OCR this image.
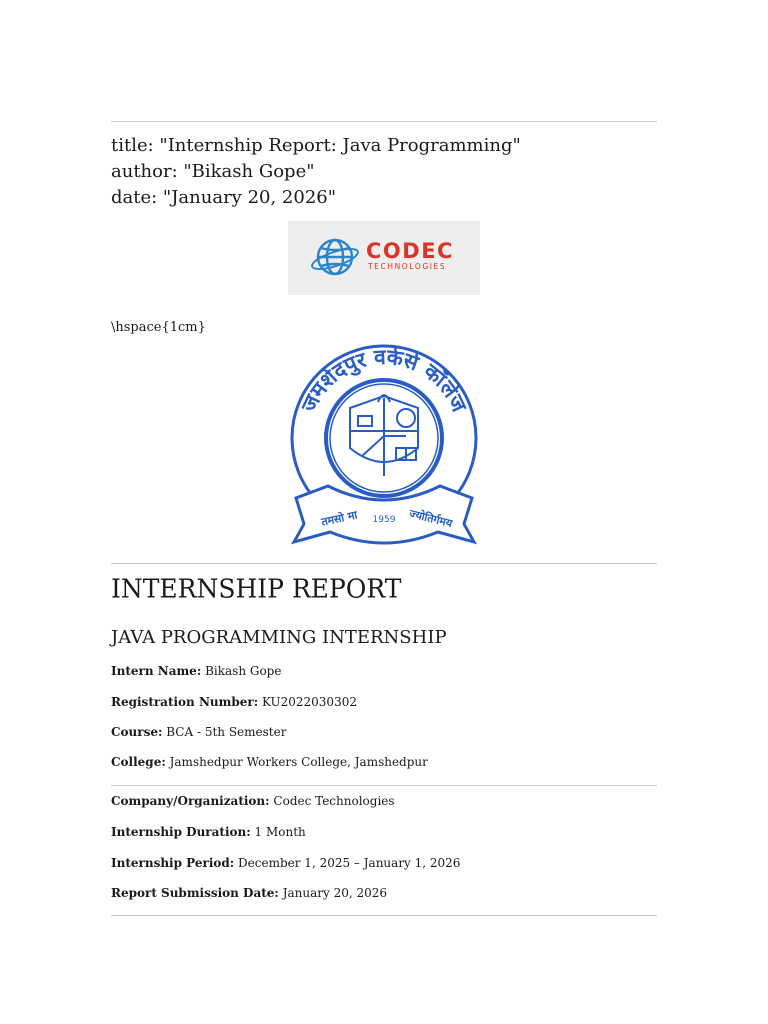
title: "Internship Report: Java Programming"
author: "Bikash Gope"
date: "January 20, 2026"
CODEC
TECHNOLOGIES
\hspace{1cm}
जमशेदपुर वर्कर्स कॉलेज
१९५९
तमसो मा 1959 ज्योतिर्गमय
INTERNSHIP REPORT
JAVA PROGRAMMING INTERNSHIP
Intern Name: Bikash Gope
Registration Number: KU2022030302
Course: BCA - 5th Semester
College: Jamshedpur Workers College, Jamshedpur
Company/Organization: Codec Technologies
Internship Duration: 1 Month
Internship Period: December 1, 2025 – January 1, 2026
Report Submission Date: January 20, 2026
